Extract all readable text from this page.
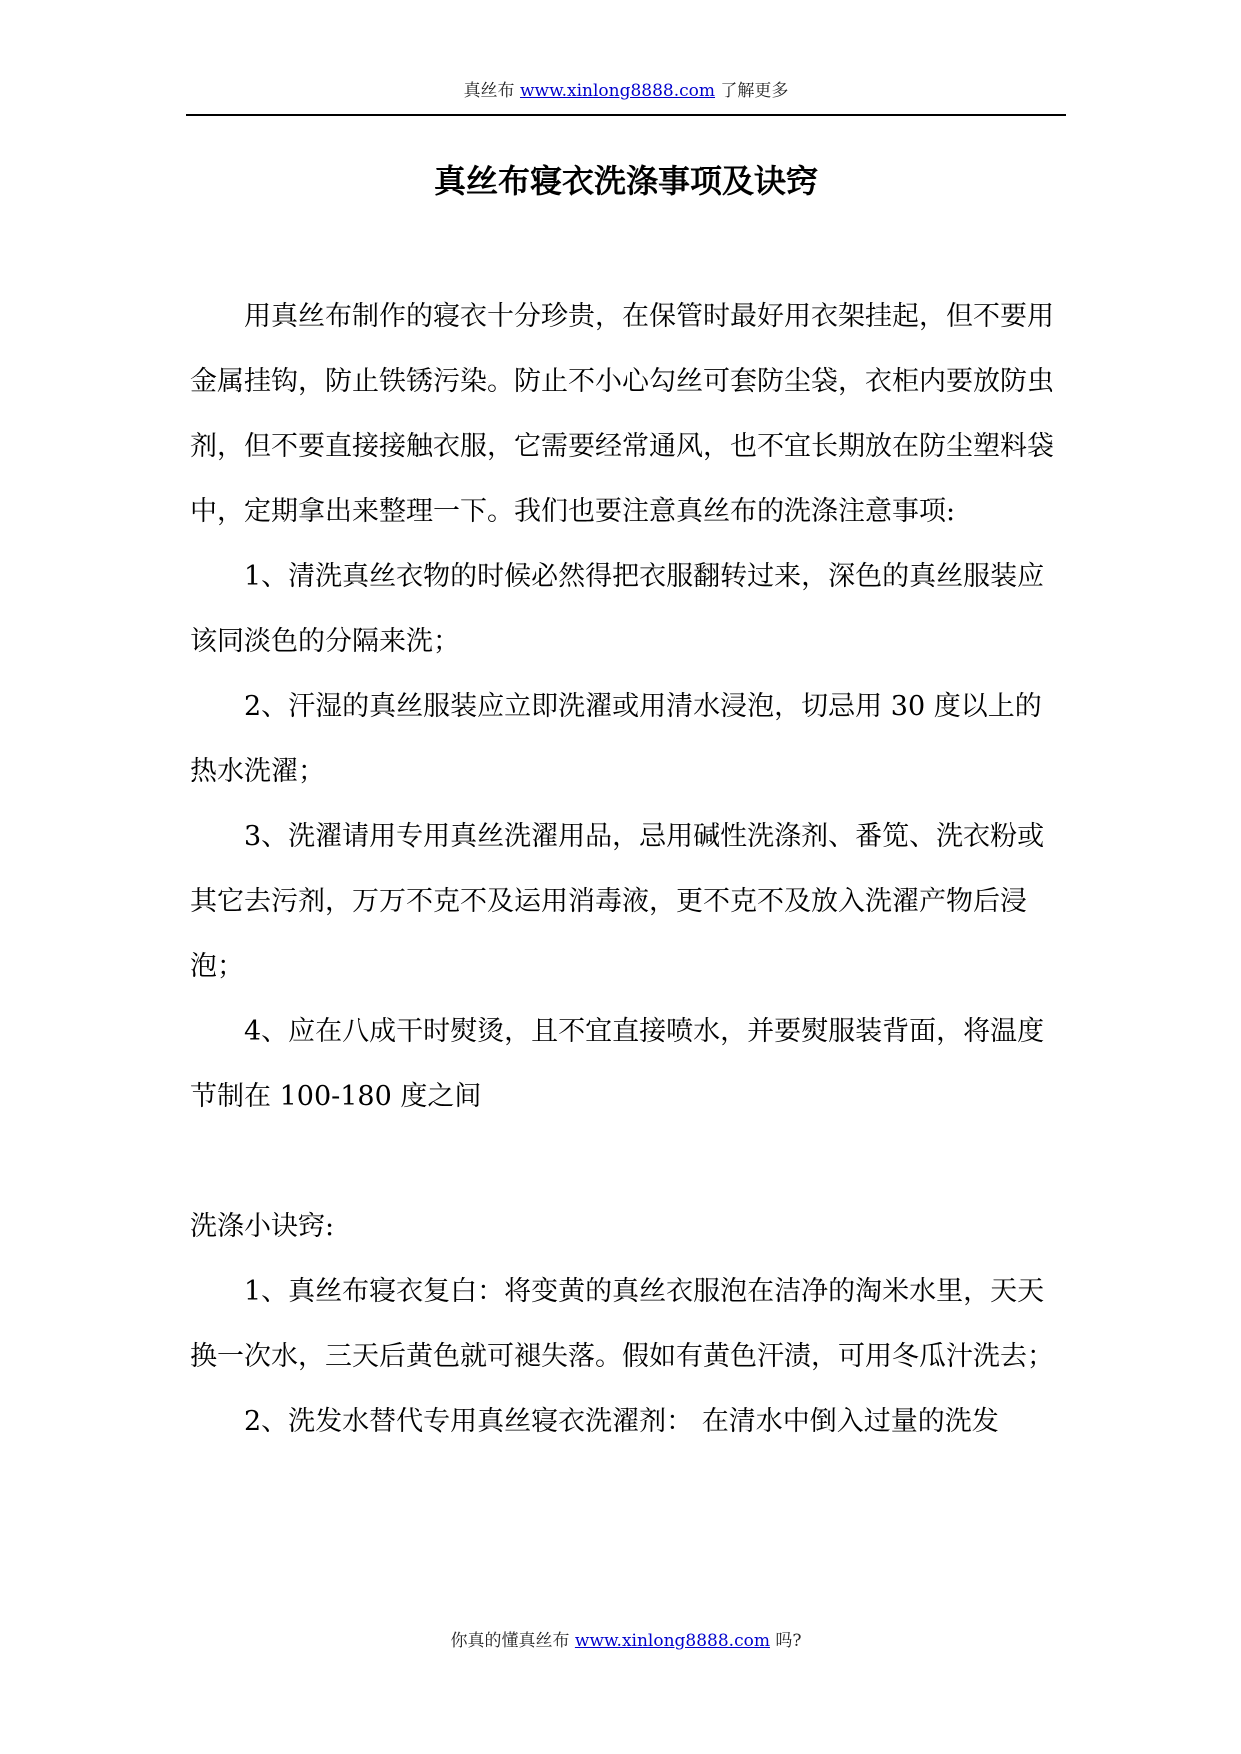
真丝布 www.xinlong8888.com 了解更多
真丝布寝衣洗涤事项及诀窍

用真丝布制作的寝衣十分珍贵，在保管时最好用衣架挂起，但不要用金属挂钩，防止铁锈污染。防止不小心勾丝可套防尘袋，衣柜内要放防虫剂，但不要直接接触衣服，它需要经常通风，也不宜长期放在防尘塑料袋中，定期拿出来整理一下。我们也要注意真丝布的洗涤注意事项:

1、清洗真丝衣物的时候必然得把衣服翻转过来，深色的真丝服装应该同淡色的分隔来洗；

2、汗湿的真丝服装应立即洗濯或用清水浸泡，切忌用 30 度以上的热水洗濯；

3、洗濯请用专用真丝洗濯用品，忌用碱性洗涤剂、番笕、洗衣粉或其它去污剂，万万不克不及运用消毒液，更不克不及放入洗濯产物后浸泡；

4、应在八成干时熨烫，且不宜直接喷水，并要熨服装背面，将温度节制在 100-180 度之间

洗涤小诀窍:

1、真丝布寝衣复白：将变黄的真丝衣服泡在洁净的淘米水里，天天换一次水，三天后黄色就可褪失落。假如有黄色汗渍，可用冬瓜汁洗去；

2、洗发水替代专用真丝寝衣洗濯剂： 在清水中倒入过量的洗发

你真的懂真丝布 www.xinlong8888.com 吗?
